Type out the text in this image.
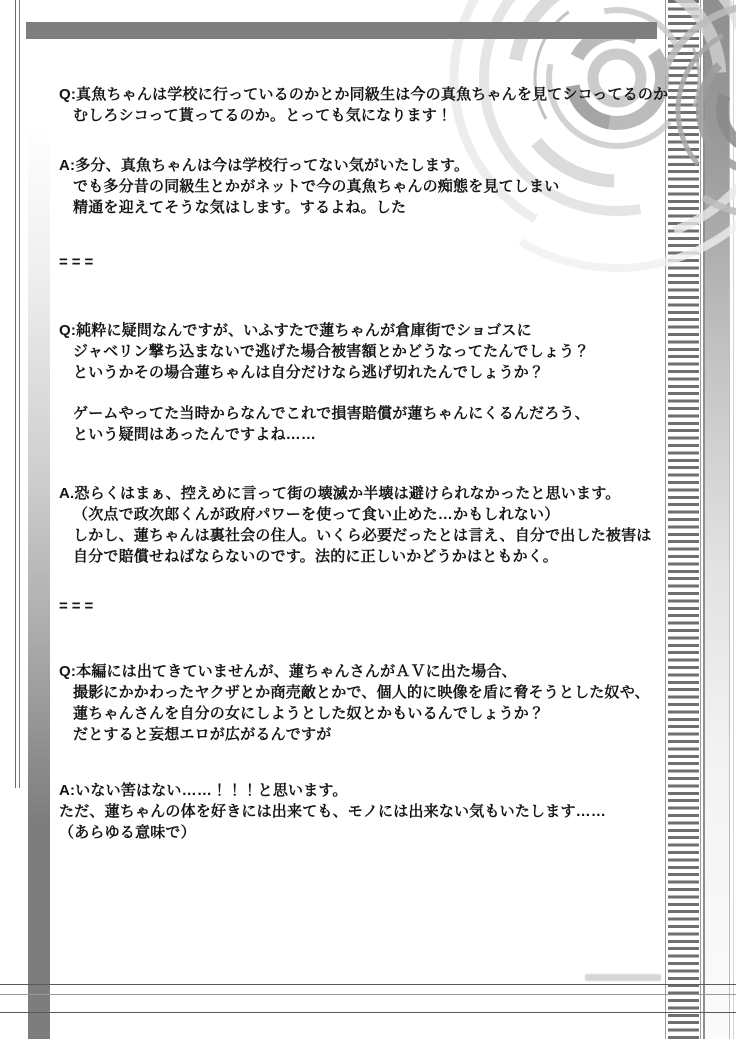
Q:真魚ちゃんは学校に行っているのかとか同級生は今の真魚ちゃんを見てシコってるのか
むしろシコって貰ってるのか。とっても気になります！
A:多分、真魚ちゃんは今は学校行ってない気がいたします。
でも多分昔の同級生とかがネットで今の真魚ちゃんの痴態を見てしまい
精通を迎えてそうな気はします。するよね。した
===
Q:純粋に疑問なんですが、いふすたで蓮ちゃんが倉庫街でショゴスに
ジャベリン撃ち込まないで逃げた場合被害額とかどうなってたんでしょう？
というかその場合蓮ちゃんは自分だけなら逃げ切れたんでしょうか？
ゲームやってた当時からなんでこれで損害賠償が蓮ちゃんにくるんだろう、
という疑問はあったんですよね……
A.恐らくはまぁ、控えめに言って街の壊滅か半壊は避けられなかったと思います。
（次点で政次郎くんが政府パワーを使って食い止めた…かもしれない）
しかし、蓮ちゃんは裏社会の住人。いくら必要だったとは言え、自分で出した被害は
自分で賠償せねばならないのです。法的に正しいかどうかはともかく。
===
Q:本編には出てきていませんが、蓮ちゃんさんがＡＶに出た場合、
撮影にかかわったヤクザとか商売敵とかで、個人的に映像を盾に脅そうとした奴や、
蓮ちゃんさんを自分の女にしようとした奴とかもいるんでしょうか？
だとすると妄想エロが広がるんですが
A:いない筈はない……！！！と思います。
ただ、蓮ちゃんの体を好きには出来ても、モノには出来ない気もいたします……
（あらゆる意味で）
